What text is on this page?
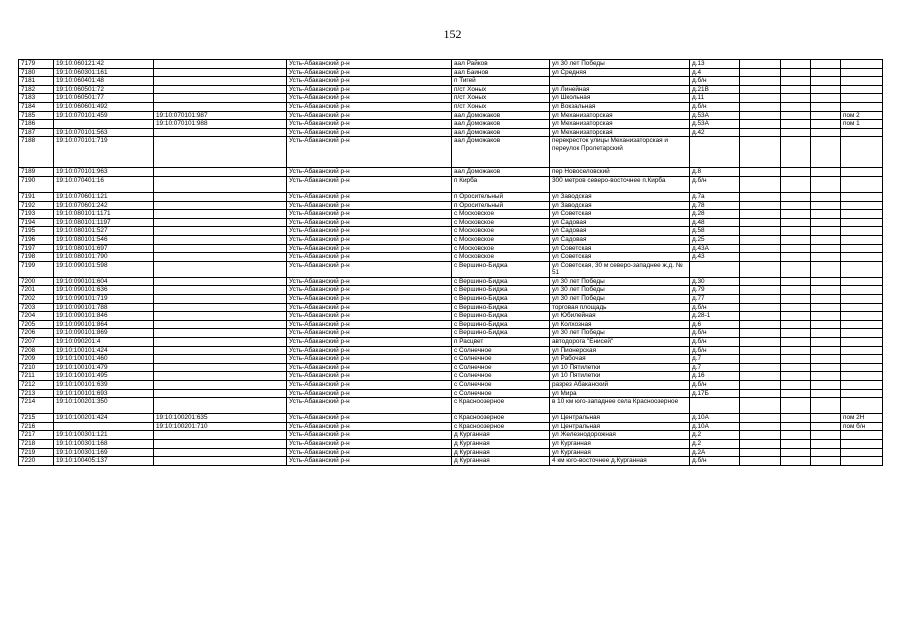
152
7179	19:10:060121:42		Усть-Абаканский р-н	аал Райков	ул 30 лет Победы	д.13				
7180	19:10:060301:161		Усть-Абаканский р-н	аал Баинов	ул Средняя	д.4				
7181	19:10:060401:48		Усть-Абаканский р-н	п Тигей		д.б/н				
7182	19:10:060501:72		Усть-Абаканский р-н	п/ст Хоных	ул Линейная	д.21В				
7183	19:10:060501:77		Усть-Абаканский р-н	п/ст Хоных	ул Школьная	д.11				
7184	19:10:060601:492		Усть-Абаканский р-н	п/ст Хоных	ул Вокзальная	д.б/н				
7185	19:10:070101:459	19:10:070101:987	Усть-Абаканский р-н	аал Доможаков	ул Механизаторская	д.53А				пом 2
7186		19:10:070101:988	Усть-Абаканский р-н	аал Доможаков	ул Механизаторская	д.53А				пом 1
7187	19:10:070101:563		Усть-Абаканский р-н	аал Доможаков	ул Механизаторская	д.42				
7188	19:10:070101:719		Усть-Абаканский р-н	аал Доможаков	перекресток улицы Механизаторская и переулок Пролетарский					
7189	19:10:070101:963		Усть-Абаканский р-н	аал Доможаков	пер Новоселовский	д.8				
7190	19:10:070401:16		Усть-Абаканский р-н	п Кирба	300 метров северо-восточнее п.Кирба	д.б/н				
7191	19:10:070601:121		Усть-Абаканский р-н	п Оросительный	ул Заводская	д.7а				
7192	19:10:070601:242		Усть-Абаканский р-н	п Оросительный	ул Заводская	д.78				
7193	19:10:080101:1171		Усть-Абаканский р-н	с Московское	ул Советская	д.28				
7194	19:10:080101:1197		Усть-Абаканский р-н	с Московское	ул Садовая	д.48				
7195	19:10:080101:527		Усть-Абаканский р-н	с Московское	ул Садовая	д.58				
7196	19:10:080101:546		Усть-Абаканский р-н	с Московское	ул Садовая	д.25				
7197	19:10:080101:697		Усть-Абаканский р-н	с Московское	ул Советская	д.43А				
7198	19:10:080101:790		Усть-Абаканский р-н	с Московское	ул Советская	д.43				
7199	19:10:090101:598		Усть-Абаканский р-н	с Вершино-Биджа	ул Советская, 30 м северо-западнее ж.д. № 51					
7200	19:10:090101:604		Усть-Абаканский р-н	с Вершино-Биджа	ул 30 лет Победы	д.30				
7201	19:10:090101:636		Усть-Абаканский р-н	с Вершино-Биджа	ул 30 лет Победы	д.79				
7202	19:10:090101:719		Усть-Абаканский р-н	с Вершино-Биджа	ул 30 лет Победы	д.77				
7203	19:10:090101:788		Усть-Абаканский р-н	с Вершино-Биджа	торговая площадь	д.б/н				
7204	19:10:090101:846		Усть-Абаканский р-н	с Вершино-Биджа	ул Юбилейная	д.28-1				
7205	19:10:090101:864		Усть-Абаканский р-н	с Вершино-Биджа	ул Колхозная	д.6				
7206	19:10:090101:869		Усть-Абаканский р-н	с Вершино-Биджа	ул 30 лет Победы	д.б/н				
7207	19:10:090201:4		Усть-Абаканский р-н	п Расцвет	автодорога "Енисей"	д.б/н				
7208	19:10:100101:424		Усть-Абаканский р-н	с Солнечное	ул Пионерская	д.б/н				
7209	19:10:100101:460		Усть-Абаканский р-н	с Солнечное	ул Рабочая	д.7				
7210	19:10:100101:479		Усть-Абаканский р-н	с Солнечное	ул 10 Пятилетки	д.7				
7211	19:10:100101:495		Усть-Абаканский р-н	с Солнечное	ул 10 Пятилетки	д.16				
7212	19:10:100101:639		Усть-Абаканский р-н	с Солнечное	разрез Абаканский	д.б/н				
7213	19:10:100101:693		Усть-Абаканский р-н	с Солнечное	ул Мира	д.17Б				
7214	19:10:100201:350		Усть-Абаканский р-н	с Красноозерное	в 10 км юго-западнее села Красноозерное					
7215	19:10:100201:424	19:10:100201:635	Усть-Абаканский р-н	с Красноозерное	ул Центральная	д.10А				пом 2Н
7216		19:10:100201:710	Усть-Абаканский р-н	с Красноозерное	ул Центральная	д.10А				пом б/н
7217	19:10:100301:121		Усть-Абаканский р-н	д Курганная	ул Железнодорожная	д.2				
7218	19:10:100301:168		Усть-Абаканский р-н	д Курганная	ул Курганная	д.2				
7219	19:10:100301:169		Усть-Абаканский р-н	д Курганная	ул Курганная	д.2А				
7220	19:10:100405:137		Усть-Абаканский р-н	д Курганная	4 км юго-восточнее д.Курганная	д.б/н				
